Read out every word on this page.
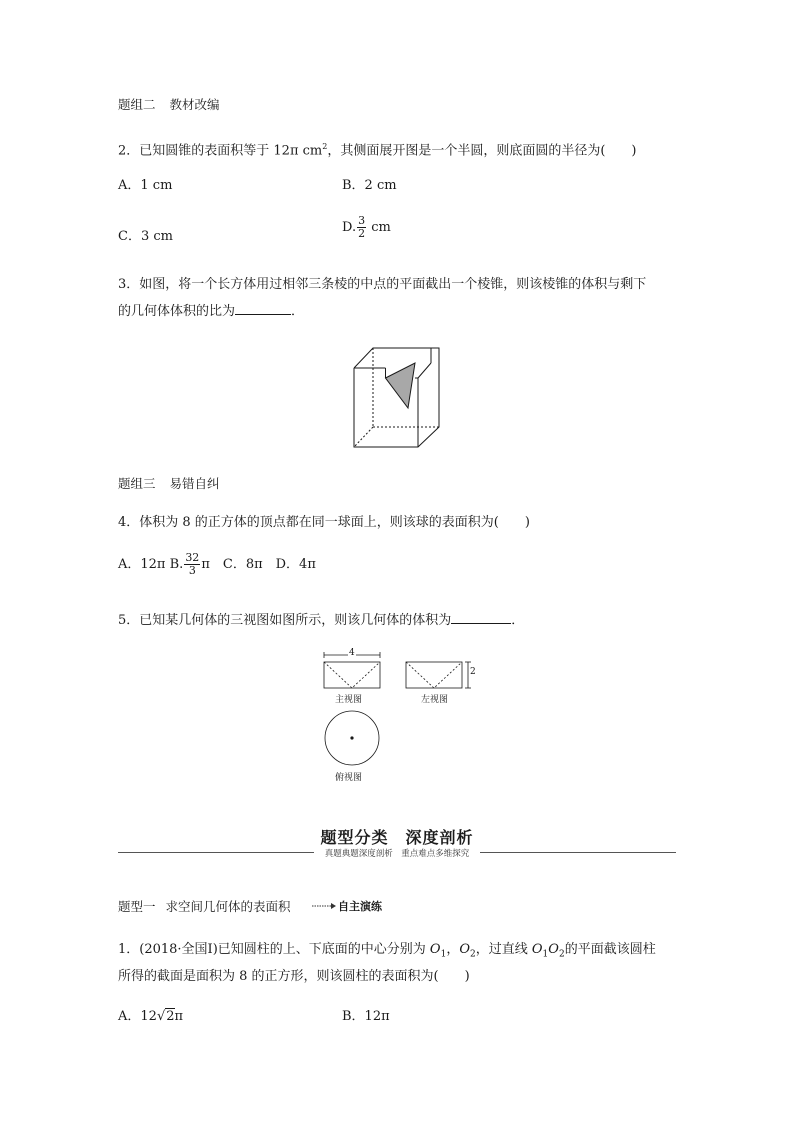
题组二 教材改编
2．已知圆锥的表面积等于 12π $cm^2$，其侧面展开图是一个半圆，则底面圆的半径为(　　)
A．1 cm	B．2 cm
C．3 cm
D. $\frac{3}{2}$ cm
3．如图，将一个长方体用过相邻三条棱的中点的平面截出一个棱锥，则该棱锥的体积与剩下
的几何体体积的比为	．
题组三 易错自纠
4．体积为 8 的正方体的顶点都在同一球面上，则该球的表面积为(　　)
A．12π B. $\frac{32}{3}$ π　 C．8π　D．4π
5．已知某几何体的三视图如图所示，则该几何体的体积为	．
4
2
主视图	左视图
俯视图
题型分类　深度剖析
真题典题深度剖析　重点难点多维探究
题型一 求空间几何体的表面积	自主演练
1．(2018·全国Ⅰ)已知圆柱的上、下底面的中心分别为 $O_1$，$O_2$，过直线 $O_1O_2$的平面截该圆柱
所得的截面是面积为 8 的正方形，则该圆柱的表面积为(　　)
A．12√2π	B．12π
